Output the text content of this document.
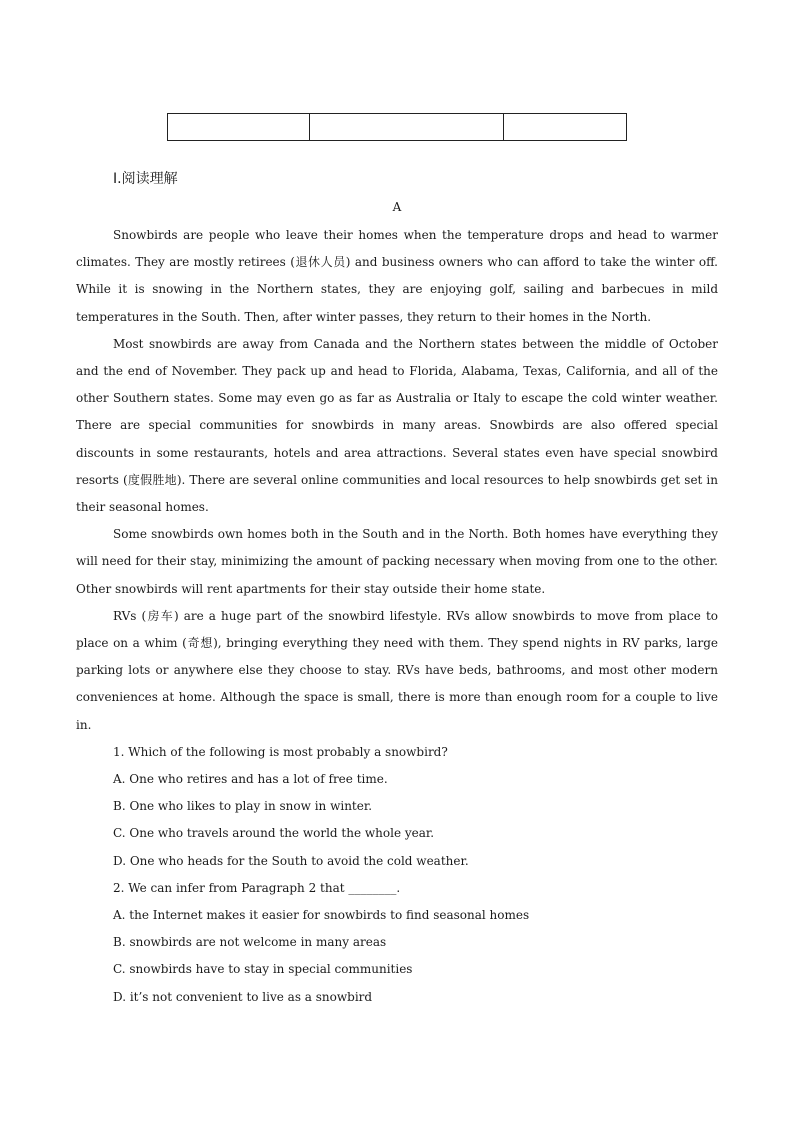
Ⅰ.阅读理解
A

Snowbirds are people who leave their homes when the temperature drops and head to warmer climates. They are mostly retirees (退休人员) and business owners who can afford to take the winter off. While it is snowing in the Northern states, they are enjoying golf, sailing and barbecues in mild temperatures in the South. Then, after winter passes, they return to their homes in the North.

Most snowbirds are away from Canada and the Northern states between the middle of October and the end of November. They pack up and head to Florida, Alabama, Texas, California, and all of the other Southern states. Some may even go as far as Australia or Italy to escape the cold winter weather. There are special communities for snowbirds in many areas. Snowbirds are also offered special discounts in some restaurants, hotels and area attractions. Several states even have special snowbird resorts (度假胜地). There are several online communities and local resources to help snowbirds get set in their seasonal homes.

Some snowbirds own homes both in the South and in the North. Both homes have everything they will need for their stay, minimizing the amount of packing necessary when moving from one to the other. Other snowbirds will rent apartments for their stay outside their home state.

RVs (房车) are a huge part of the snowbird lifestyle. RVs allow snowbirds to move from place to place on a whim (奇想), bringing everything they need with them. They spend nights in RV parks, large parking lots or anywhere else they choose to stay. RVs have beds, bathrooms, and most other modern conveniences at home. Although the space is small, there is more than enough room for a couple to live in.

1. Which of the following is most probably a snowbird?

A. One who retires and has a lot of free time.

B. One who likes to play in snow in winter.

C. One who travels around the world the whole year.

D. One who heads for the South to avoid the cold weather.

2. We can infer from Paragraph 2 that ________.

A. the Internet makes it easier for snowbirds to find seasonal homes

B. snowbirds are not welcome in many areas

C. snowbirds have to stay in special communities

D. it’s not convenient to live as a snowbird
